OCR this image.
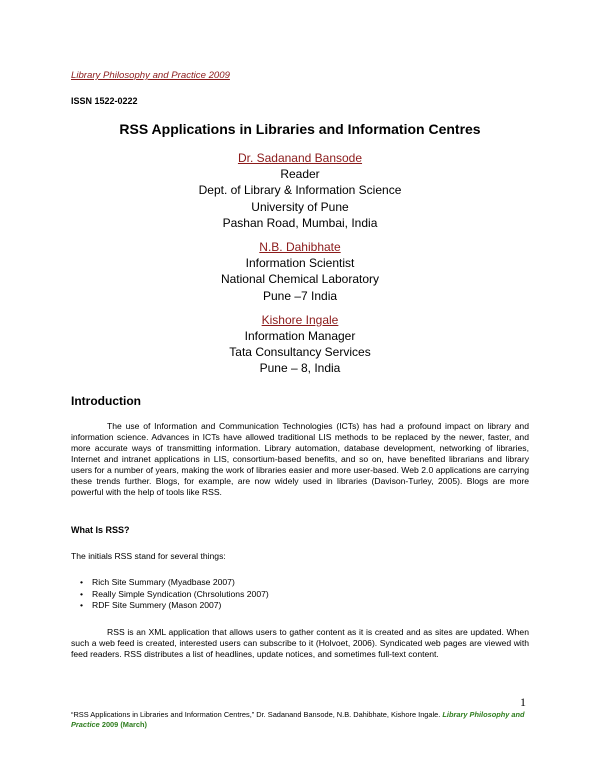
Library Philosophy and Practice 2009
ISSN 1522-0222
RSS Applications in Libraries and Information Centres
Dr. Sadanand Bansode
Reader
Dept. of Library & Information Science
University of Pune
Pashan Road, Mumbai, India
N.B. Dahibhate
Information Scientist
National Chemical Laboratory
Pune –7 India
Kishore Ingale
Information Manager
Tata Consultancy Services
Pune – 8, India
Introduction

The use of Information and Communication Technologies (ICTs) has had a profound impact on library and information science. Advances in ICTs have allowed traditional LIS methods to be replaced by the newer, faster, and more accurate ways of transmitting information. Library automation, database development, networking of libraries, Internet and intranet applications in LIS, consortium-based benefits, and so on, have benefited librarians and library users for a number of years, making the work of libraries easier and more user-based. Web 2.0 applications are carrying these trends further. Blogs, for example, are now widely used in libraries (Davison-Turley, 2005). Blogs are more powerful with the help of tools like RSS.

What Is RSS?
The initials RSS stand for several things:
• Rich Site Summary (Myadbase 2007)
• Really Simple Syndication (Chrsolutions 2007)
• RDF Site Summery (Mason 2007)

RSS is an XML application that allows users to gather content as it is created and as sites are updated. When such a web feed is created, interested users can subscribe to it (Holvoet, 2006). Syndicated web pages are viewed with feed readers. RSS distributes a list of headlines, update notices, and sometimes full-text content.

1
“RSS Applications in Libraries and Information Centres,” Dr. Sadanand Bansode, N.B. Dahibhate, Kishore Ingale. Library Philosophy and Practice 2009 (March)
